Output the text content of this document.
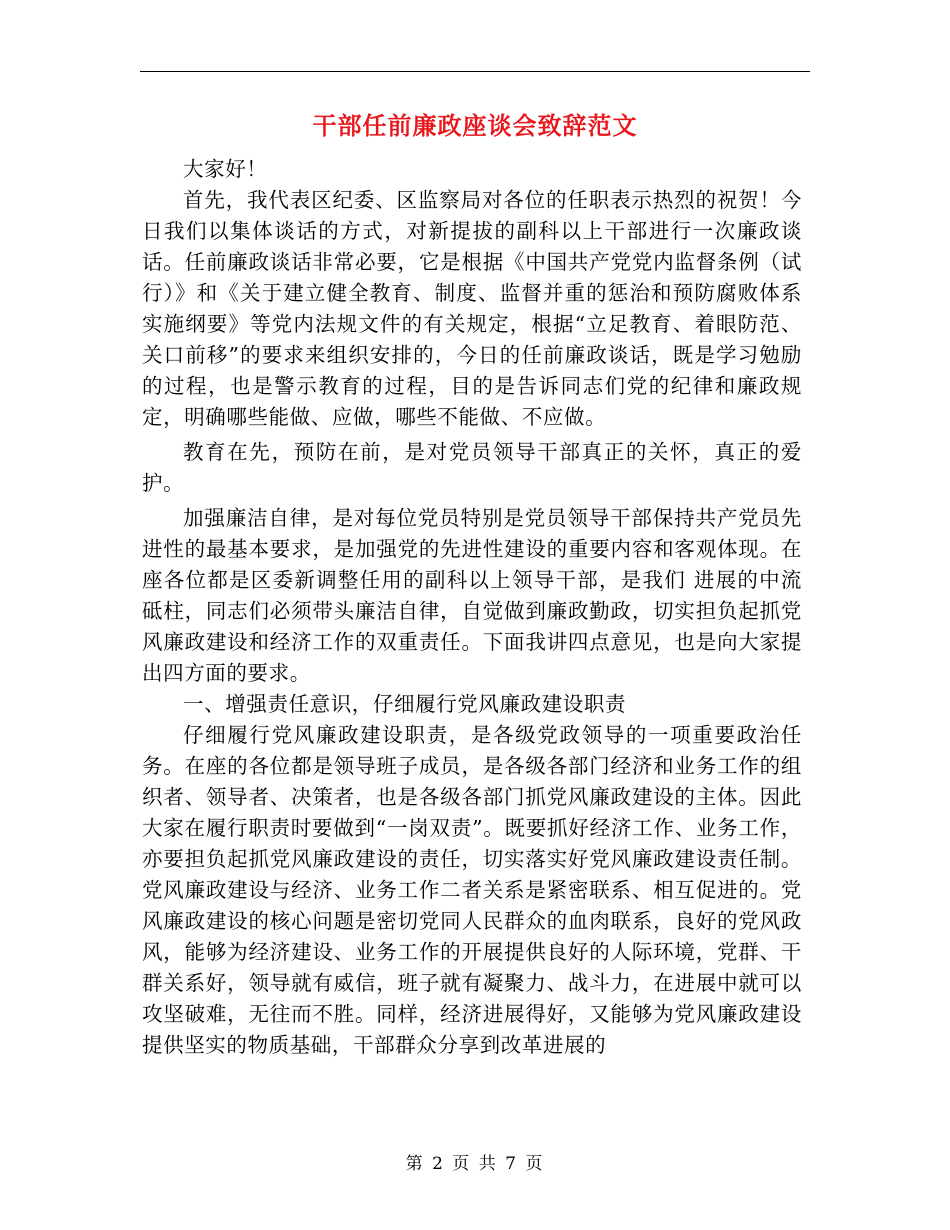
干部任前廉政座谈会致辞范文

大家好！

首先，我代表区纪委、区监察局对各位的任职表示热烈的祝贺！今日我们以集体谈话的方式，对新提拔的副科以上干部进行一次廉政谈话。任前廉政谈话非常必要，它是根据《中国共产党党内监督条例（试行）》和《关于建立健全教育、制度、监督并重的惩治和预防腐败体系实施纲要》等党内法规文件的有关规定，根据“立足教育、着眼防范、关口前移”的要求来组织安排的，今日的任前廉政谈话，既是学习勉励的过程，也是警示教育的过程，目的是告诉同志们党的纪律和廉政规定，明确哪些能做、应做，哪些不能做、不应做。

教育在先，预防在前，是对党员领导干部真正的关怀，真正的爱护。

加强廉洁自律，是对每位党员特别是党员领导干部保持共产党员先进性的最基本要求，是加强党的先进性建设的重要内容和客观体现。在座各位都是区委新调整任用的副科以上领导干部，是我们 进展的中流砥柱，同志们必须带头廉洁自律，自觉做到廉政勤政，切实担负起抓党风廉政建设和经济工作的双重责任。下面我讲四点意见，也是向大家提出四方面的要求。

一、增强责任意识，仔细履行党风廉政建设职责

仔细履行党风廉政建设职责，是各级党政领导的一项重要政治任务。在座的各位都是领导班子成员，是各级各部门经济和业务工作的组织者、领导者、决策者，也是各级各部门抓党风廉政建设的主体。因此大家在履行职责时要做到“一岗双责”。既要抓好经济工作、业务工作，亦要担负起抓党风廉政建设的责任，切实落实好党风廉政建设责任制。党风廉政建设与经济、业务工作二者关系是紧密联系、相互促进的。党风廉政建设的核心问题是密切党同人民群众的血肉联系，良好的党风政风，能够为经济建设、业务工作的开展提供良好的人际环境，党群、干群关系好，领导就有威信，班子就有凝聚力、战斗力，在进展中就可以攻坚破难，无往而不胜。同样，经济进展得好，又能够为党风廉政建设提供坚实的物质基础，干部群众分享到改革进展的

第 2 页 共 7 页
